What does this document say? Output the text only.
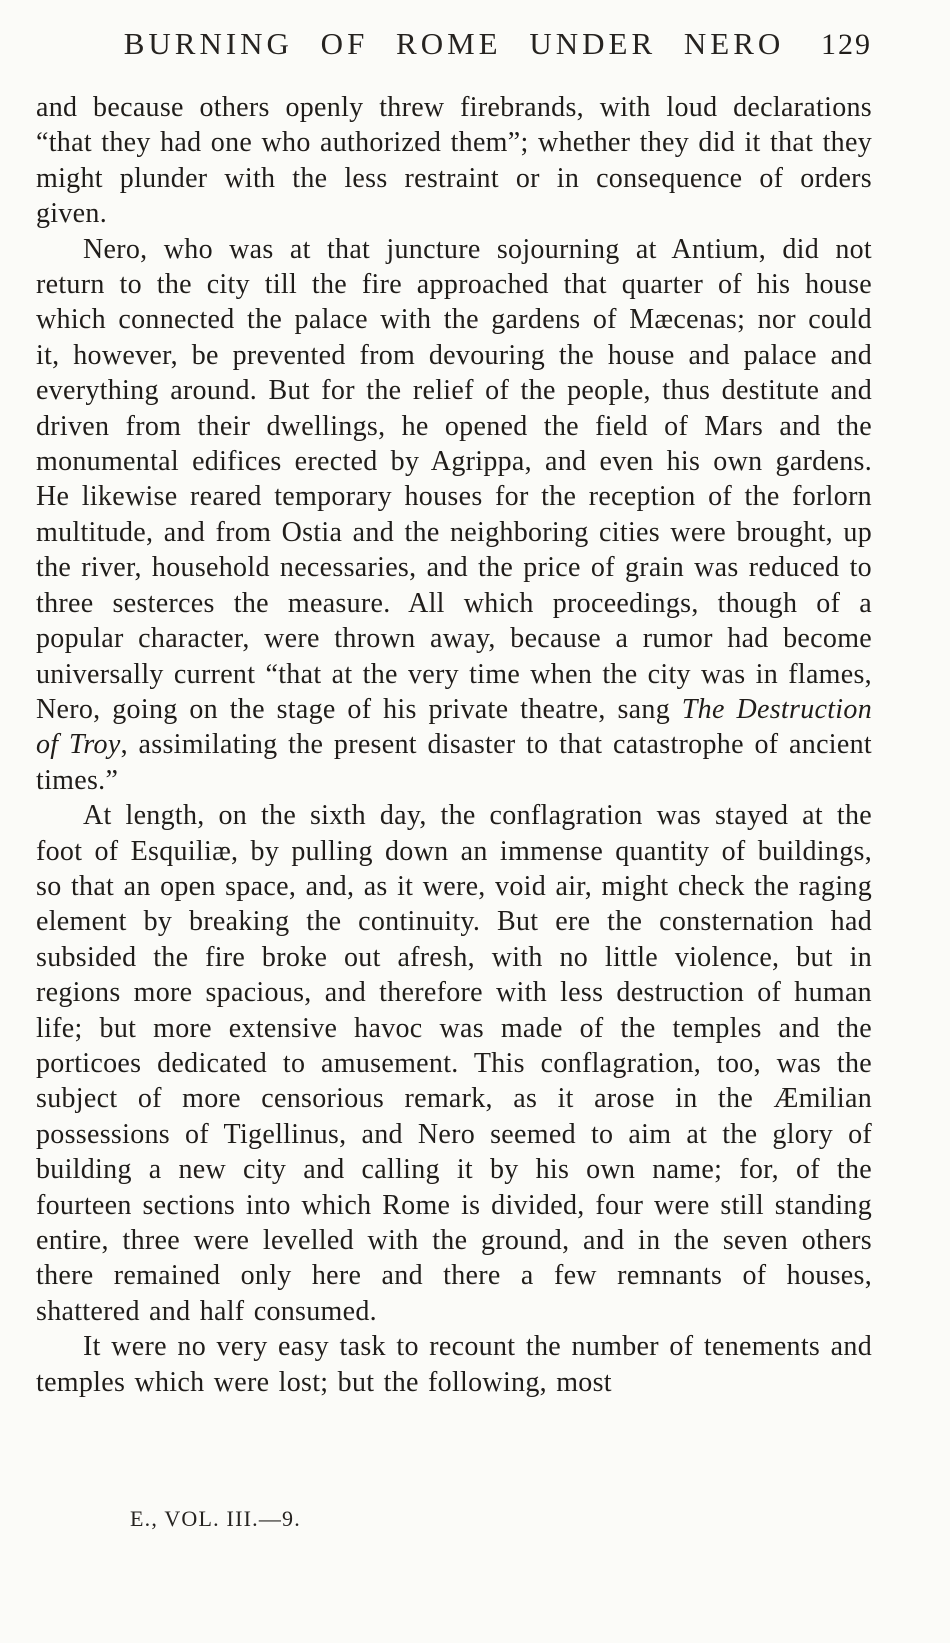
BURNING OF ROME UNDER NERO	129

and because others openly threw firebrands, with loud declarations “that they had one who authorized them”; whether they did it that they might plunder with the less restraint or in consequence of orders given.

Nero, who was at that juncture sojourning at Antium, did not return to the city till the fire approached that quarter of his house which connected the palace with the gardens of Mæcenas; nor could it, however, be prevented from devouring the house and palace and everything around. But for the relief of the people, thus destitute and driven from their dwellings, he opened the field of Mars and the monumental edifices erected by Agrippa, and even his own gardens. He likewise reared temporary houses for the reception of the forlorn multitude, and from Ostia and the neighboring cities were brought, up the river, household necessaries, and the price of grain was reduced to three sesterces the measure. All which proceedings, though of a popular character, were thrown away, because a rumor had become universally current “that at the very time when the city was in flames, Nero, going on the stage of his private theatre, sang The Destruction of Troy, assimilating the present disaster to that catastrophe of ancient times.”

At length, on the sixth day, the conflagration was stayed at the foot of Esquiliæ, by pulling down an immense quantity of buildings, so that an open space, and, as it were, void air, might check the raging element by breaking the continuity. But ere the consternation had subsided the fire broke out afresh, with no little violence, but in regions more spacious, and therefore with less destruction of human life; but more extensive havoc was made of the temples and the porticoes dedicated to amusement. This conflagration, too, was the subject of more censorious remark, as it arose in the Æmilian possessions of Tigellinus, and Nero seemed to aim at the glory of building a new city and calling it by his own name; for, of the fourteen sections into which Rome is divided, four were still standing entire, three were levelled with the ground, and in the seven others there remained only here and there a few remnants of houses, shattered and half consumed.

It were no very easy task to recount the number of tenements and temples which were lost; but the following, most

E., VOL. III.—9.
